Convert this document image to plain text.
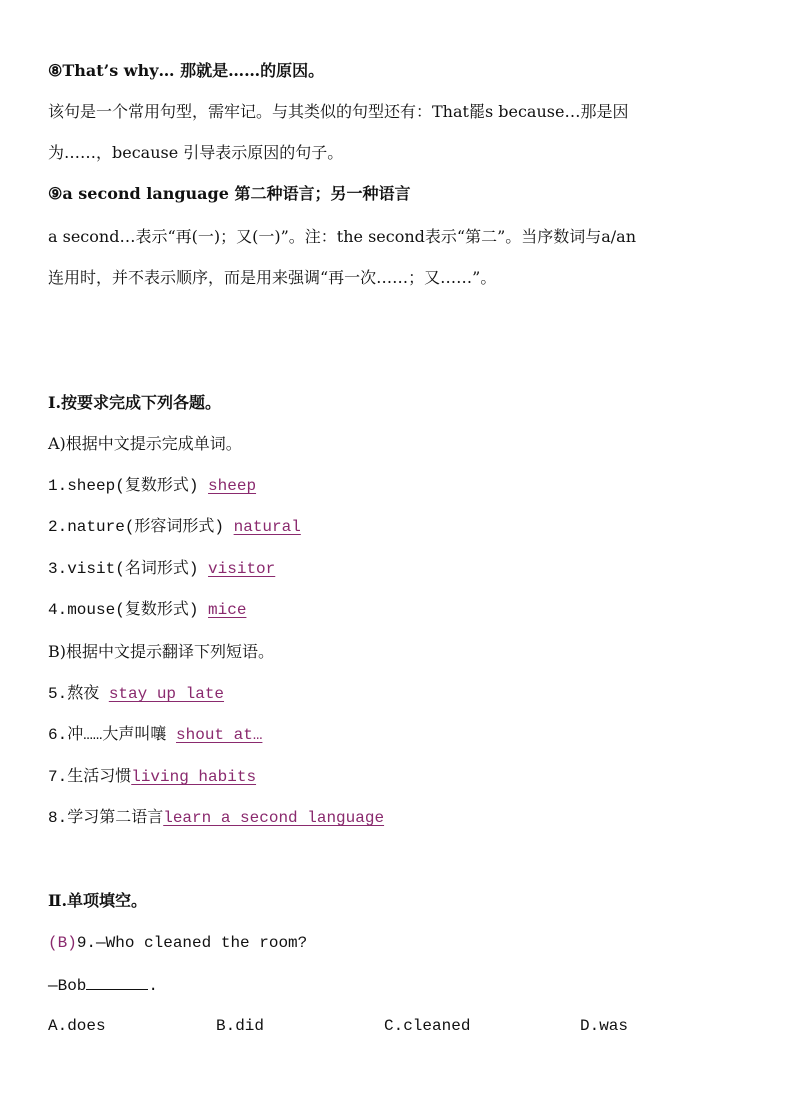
⑧That’s why… 那就是……的原因。
该句是一个常用句型，需牢记。与其类似的句型还有：That罷s because…那是因
为……，because 引导表示原因的句子。
⑨a second language 第二种语言；另一种语言
a second…表示“再(一)；又(一)”。注：the second表示“第二”。当序数词与a/an
连用时，并不表示顺序，而是用来强调“再一次……；又……”。
Ⅰ.按要求完成下列各题。
A)根据中文提示完成单词。
1.sheep(复数形式) sheep
2.nature(形容词形式) natural
3.visit(名词形式) visitor
4.mouse(复数形式) mice
B)根据中文提示翻译下列短语。
5.熬夜 stay up late
6.冲……大声叫嚷 shout at…
7.生活习惯living habits
8.学习第二语言learn a second language
Ⅱ.单项填空。
(B)9.—Who cleaned the room?
—Bob	.
A.does	B.did	C.cleaned	D.was
